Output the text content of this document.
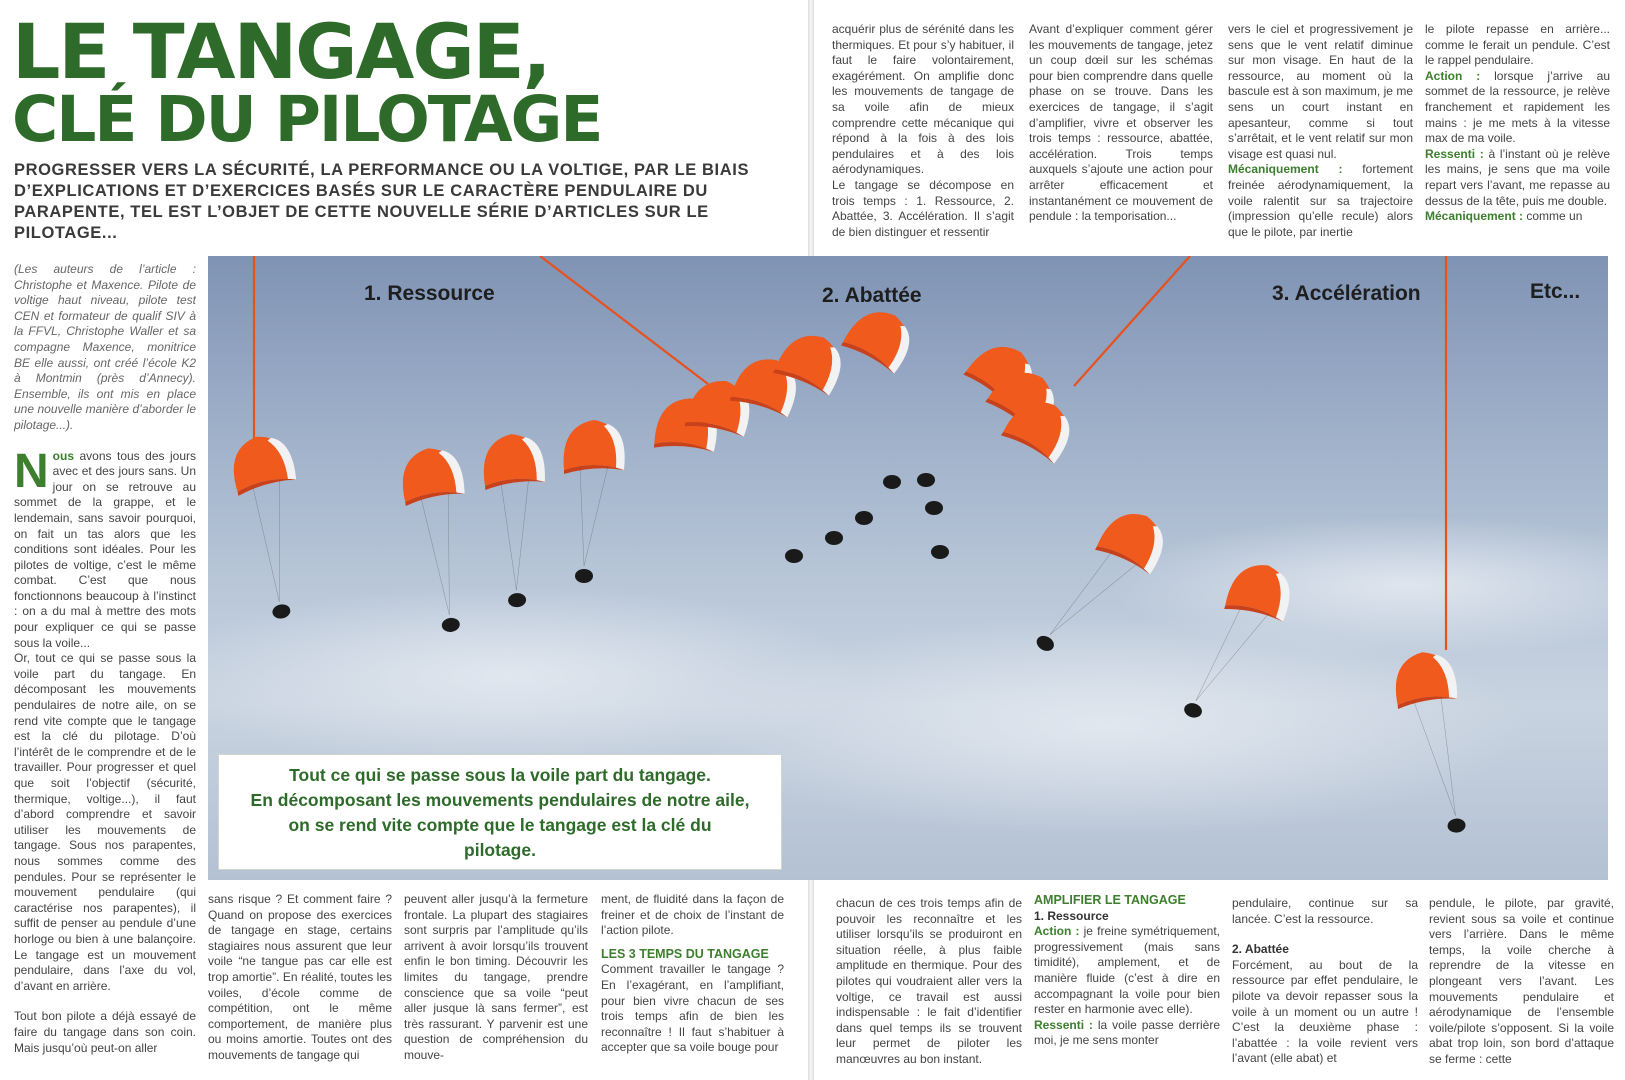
LE TANGAGE,
CLÉ DU PILOTAGE
PROGRESSER VERS LA SÉCURITÉ, LA PERFORMANCE OU LA VOLTIGE, PAR LE BIAIS D’EXPLICATIONS ET D’EXERCICES BASÉS SUR LE CARACTÈRE PENDULAIRE DU PARAPENTE, TEL EST L’OBJET DE CETTE NOUVELLE SÉRIE D’ARTICLES SUR LE PILOTAGE...

(Les auteurs de l’article : Christophe et Maxence. Pilote de voltige haut niveau, pilote test CEN et formateur de qualif SIV à la FFVL, Christophe Waller et sa compagne Maxence, monitrice BE elle aussi, ont créé l’école K2 à Montmin (près d’Annecy). Ensemble, ils ont mis en place une nouvelle manière d’aborder le pilotage...).

Nous avons tous des jours avec et des jours sans. Un jour on se retrouve au sommet de la grappe, et le lendemain, sans savoir pourquoi, on fait un tas alors que les conditions sont idéales. Pour les pilotes de voltige, c’est le même combat. C’est que nous fonctionnons beaucoup à l’instinct : on a du mal à mettre des mots pour expliquer ce qui se passe sous la voile...

Or, tout ce qui se passe sous la voile part du tangage. En décomposant les mouvements pendulaires de notre aile, on se rend vite compte que le tangage est la clé du pilotage. D’où l’intérêt de le comprendre et de le travailler. Pour progresser et quel que soit l’objectif (sécurité, thermique, voltige...), il faut d’abord comprendre et savoir utiliser les mouvements de tangage. Sous nos parapentes, nous sommes comme des pendules. Pour se représenter le mouvement pendulaire (qui caractérise nos parapentes), il suffit de penser au pendule d’une horloge ou bien à une balançoire. Le tangage est un mouvement pendulaire, dans l’axe du vol, d’avant en arrière.

Tout bon pilote a déjà essayé de faire du tangage dans son coin. Mais jusqu’où peut-on aller

acquérir plus de sérénité dans les thermiques. Et pour s’y habituer, il faut le faire volontairement, exagérément. On amplifie donc les mouvements de tangage de sa voile afin de mieux comprendre cette mécanique qui répond à la fois à des lois pendulaires et à des lois aérodynamiques.

Le tangage se décompose en trois temps : 1. Ressource, 2. Abattée, 3. Accélération. Il s’agit de bien distinguer et ressentir

Avant d’expliquer comment gérer les mouvements de tangage, jetez un coup dœil sur les schémas pour bien comprendre dans quelle phase on se trouve. Dans les exercices de tangage, il s’agit d’amplifier, vivre et observer les trois temps : ressource, abattée, accélération. Trois temps auxquels s’ajoute une action pour arrêter efficacement et instantanément ce mouvement de pendule : la temporisation...

vers le ciel et progressivement je sens que le vent relatif diminue sur mon visage. En haut de la ressource, au moment où la bascule est à son maximum, je me sens un court instant en apesanteur, comme si tout s’arrêtait, et le vent relatif sur mon visage est quasi nul.

Mécaniquement : fortement freinée aérodynamiquement, la voile ralentit sur sa trajectoire (impression qu’elle recule) alors que le pilote, par inertie

le pilote repasse en arrière... comme le ferait un pendule. C’est le rappel pendulaire.

Action : lorsque j’arrive au sommet de la ressource, je relève franchement et rapidement les mains : je me mets à la vitesse max de ma voile.

Ressenti : à l’instant où je relève les mains, je sens que ma voile repart vers l’avant, me repasse au dessus de la tête, puis me double.

Mécaniquement : comme un

1. Ressource	2. Abattée	3. Accélération	Etc...
Tout ce qui se passe sous la voile part du tangage.
En décomposant les mouvements pendulaires de notre aile,
on se rend vite compte que le tangage est la clé du
pilotage.

sans risque ? Et comment faire ? Quand on propose des exercices de tangage en stage, certains stagiaires nous assurent que leur voile “ne tangue pas car elle est trop amortie”. En réalité, toutes les voiles, d’école comme de compétition, ont le même comportement, de manière plus ou moins amortie. Toutes ont des mouvements de tangage qui

peuvent aller jusqu’à la fermeture frontale. La plupart des stagiaires sont surpris par l’amplitude qu’ils arrivent à avoir lorsqu’ils trouvent enfin le bon timing. Découvrir les limites du tangage, prendre conscience que sa voile “peut aller jusque là sans fermer”, est très rassurant. Y parvenir est une question de compréhension du mouve-

ment, de fluidité dans la façon de freiner et de choix de l’instant de l’action pilote.

LES 3 TEMPS DU TANGAGE

Comment travailler le tangage ? En l’exagérant, en l’amplifiant, pour bien vivre chacun de ses trois temps afin de bien les reconnaître ! Il faut s’habituer à accepter que sa voile bouge pour

chacun de ces trois temps afin de pouvoir les reconnaître et les utiliser lorsqu’ils se produiront en situation réelle, à plus faible amplitude en thermique. Pour des pilotes qui voudraient aller vers la voltige, ce travail est aussi indispensable : le fait d’identifier dans quel temps ils se trouvent leur permet de piloter les manœuvres au bon instant.

AMPLIFIER LE TANGAGE

1. Ressource

Action : je freine symétriquement, progressivement (mais sans timidité), amplement, et de manière fluide (c’est à dire en accompagnant la voile pour bien rester en harmonie avec elle).

Ressenti : la voile passe derrière moi, je me sens monter

pendulaire, continue sur sa lancée. C’est la ressource.

2. Abattée

Forcément, au bout de la ressource par effet pendulaire, le pilote va devoir repasser sous la voile à un moment ou un autre ! C’est la deuxième phase : l’abattée : la voile revient vers l’avant (elle abat) et

pendule, le pilote, par gravité, revient sous sa voile et continue vers l’arrière. Dans le même temps, la voile cherche à reprendre de la vitesse en plongeant vers l’avant. Les mouvements pendulaire et aérodynamique de l’ensemble voile/pilote s’opposent. Si la voile abat trop loin, son bord d’attaque se ferme : cette
